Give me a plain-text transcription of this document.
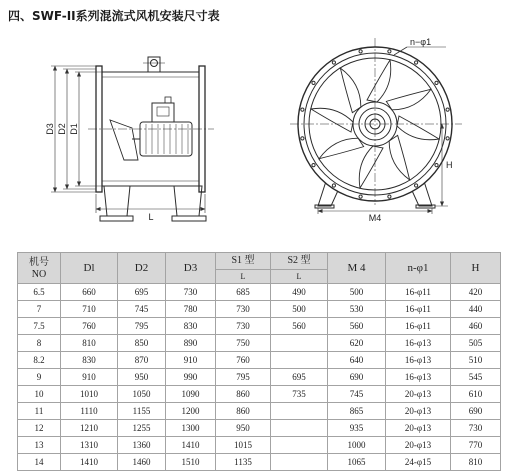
四、SWF-II系列混流式风机安装尺寸表
D3 D2 D1
L
n−φ1
H
M4
机号
NO	Dl	D2	D3	S1 型	S2 型	M 4	n-φ1	H
				L	L			
6.5	660	695	730	685	490	500	16-φ11	420
7	710	745	780	730	500	530	16-φ11	440
7.5	760	795	830	730	560	560	16-φ11	460
8	810	850	890	750		620	16-φ13	505
8.2	830	870	910	760		640	16-φ13	510
9	910	950	990	795	695	690	16-φ13	545
10	1010	1050	1090	860	735	745	20-φ13	610
11	1110	1155	1200	860		865	20-φ13	690
12	1210	1255	1300	950		935	20-φ13	730
13	1310	1360	1410	1015		1000	20-φ13	770
14	1410	1460	1510	1135		1065	24-φ15	810
